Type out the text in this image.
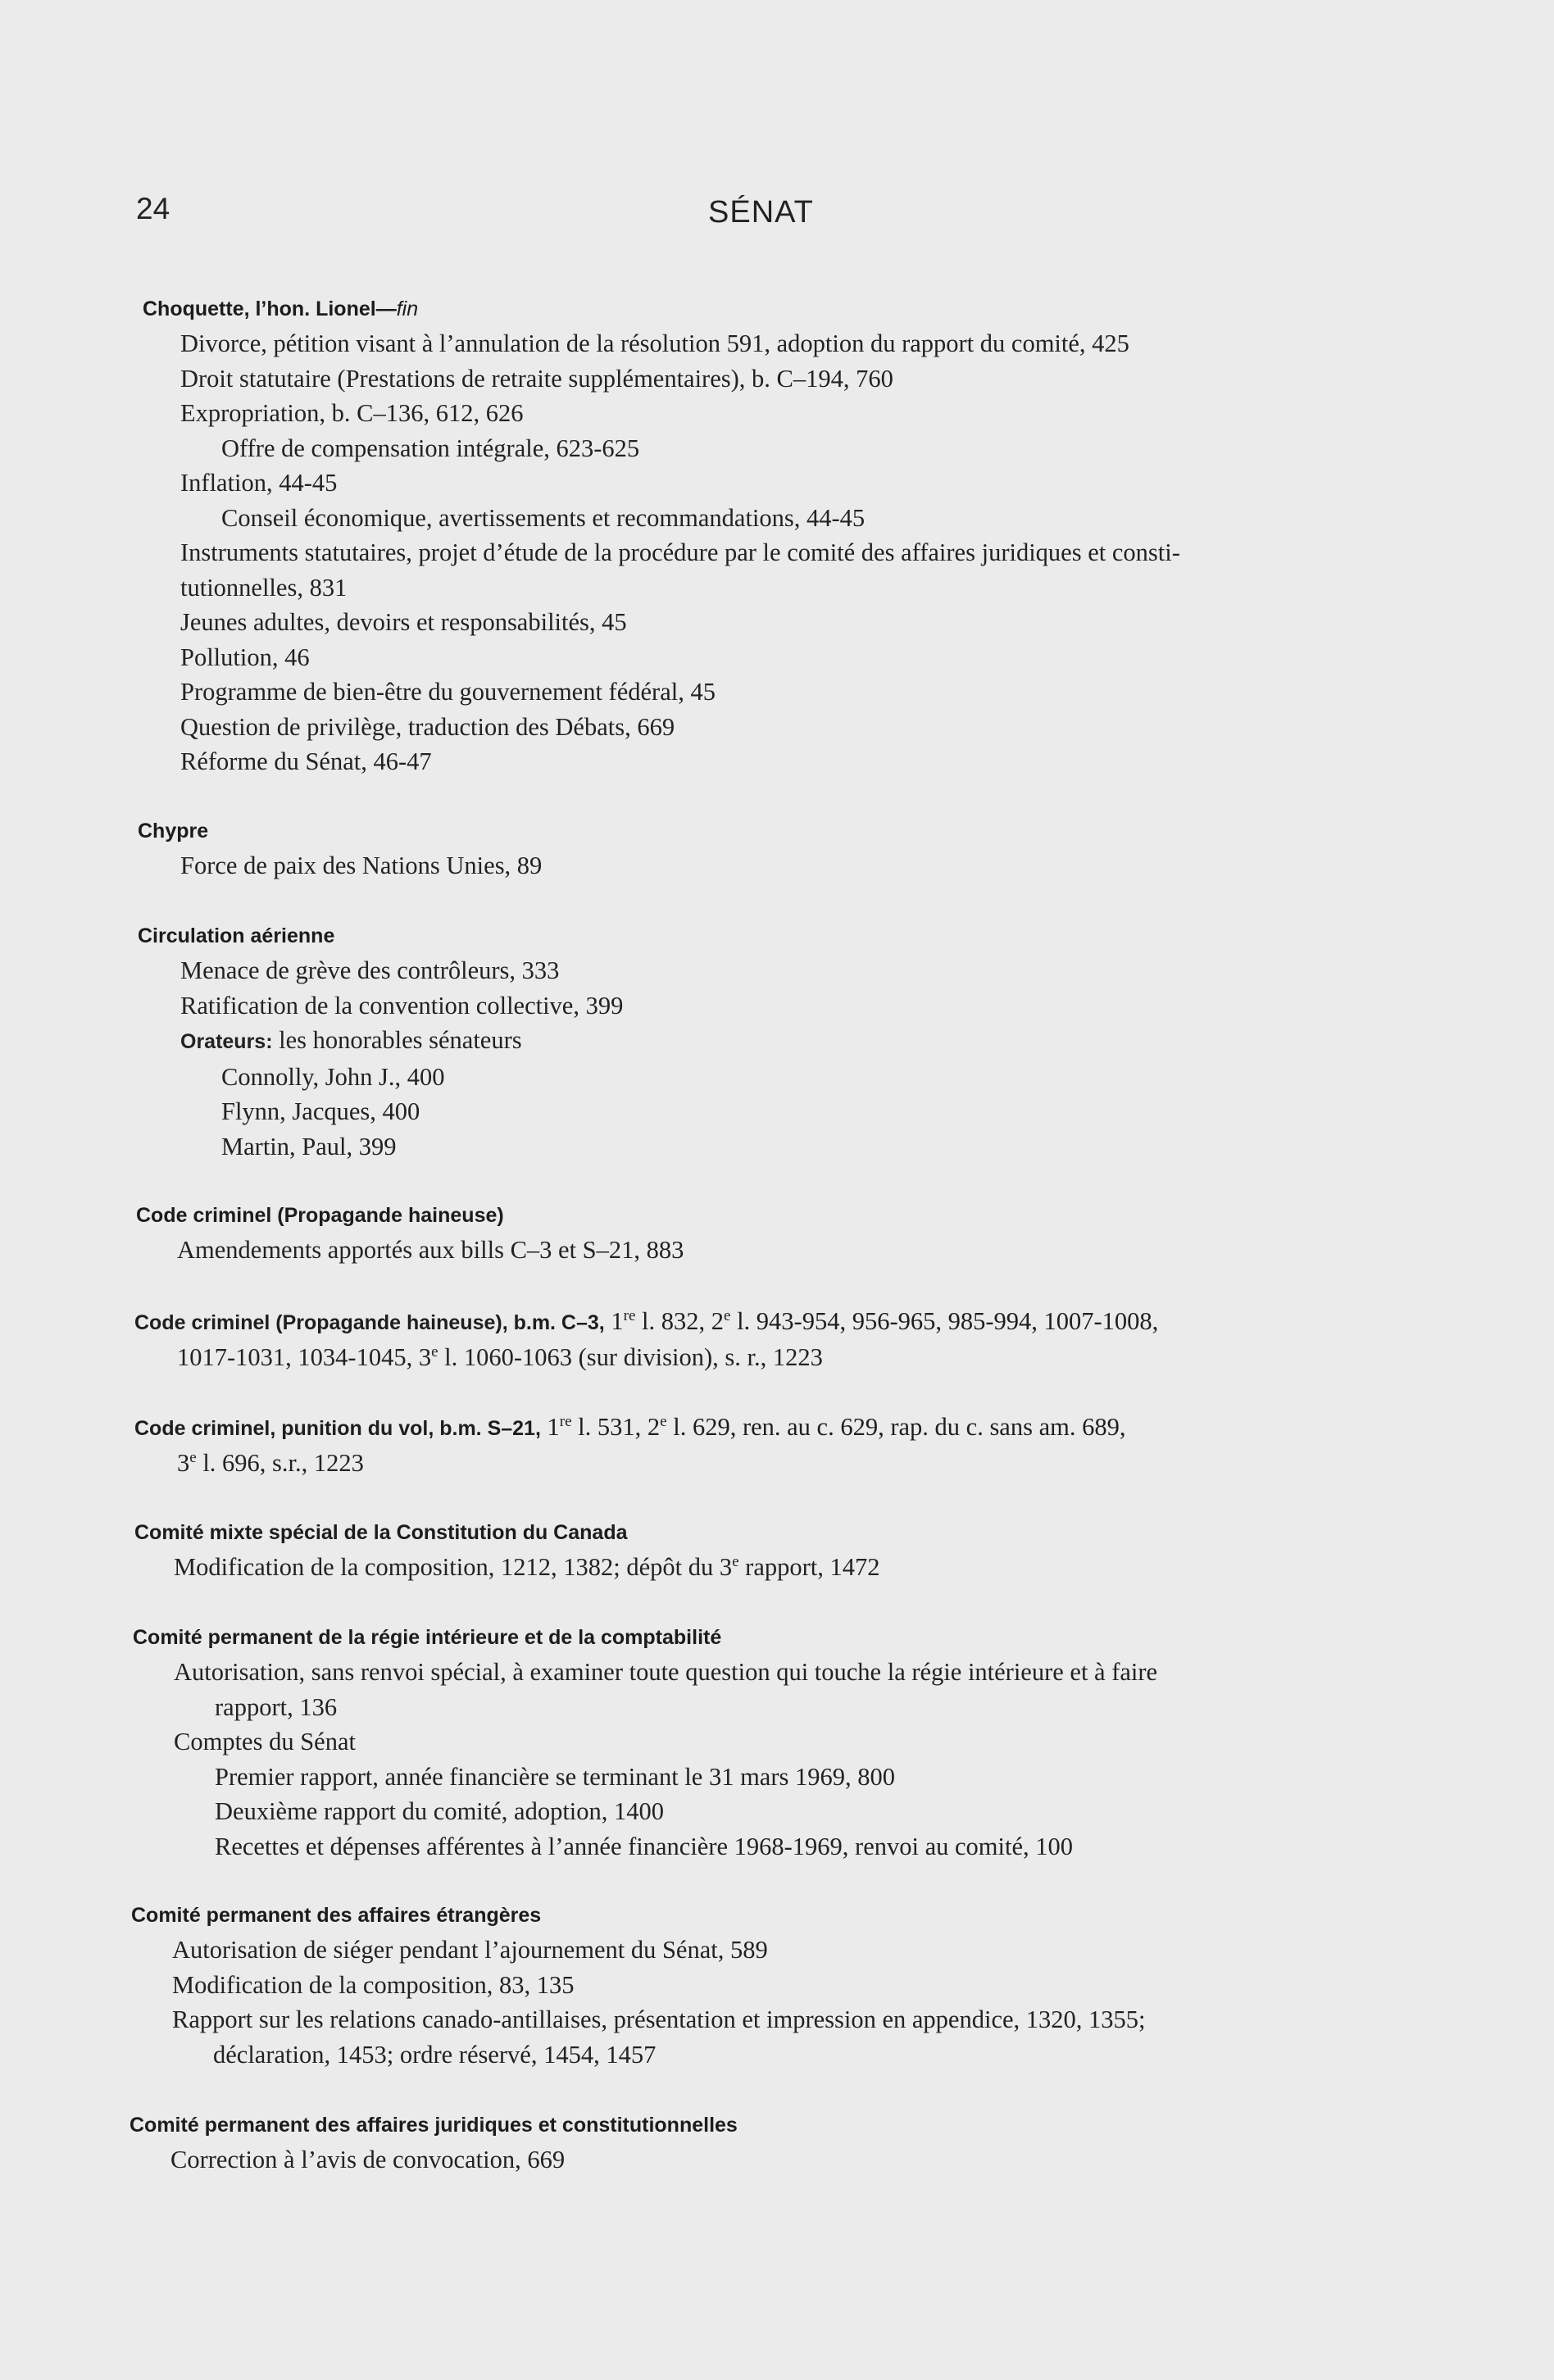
24	SÉNAT
Choquette, l’hon. Lionel—fin
Divorce, pétition visant à l’annulation de la résolution 591, adoption du rapport du comité, 425
Droit statutaire (Prestations de retraite supplémentaires), b. C–194, 760
Expropriation, b. C–136, 612, 626
Offre de compensation intégrale, 623-625
Inflation, 44-45
Conseil économique, avertissements et recommandations, 44-45
Instruments statutaires, projet d’étude de la procédure par le comité des affaires juridiques et consti-
tutionnelles, 831
Jeunes adultes, devoirs et responsabilités, 45
Pollution, 46
Programme de bien-être du gouvernement fédéral, 45
Question de privilège, traduction des Débats, 669
Réforme du Sénat, 46-47
Chypre
Force de paix des Nations Unies, 89
Circulation aérienne
Menace de grève des contrôleurs, 333
Ratification de la convention collective, 399
Orateurs: les honorables sénateurs
Connolly, John J., 400
Flynn, Jacques, 400
Martin, Paul, 399
Code criminel (Propagande haineuse)
Amendements apportés aux bills C–3 et S–21, 883
Code criminel (Propagande haineuse), b.m. C–3, 1re l. 832, 2e l. 943-954, 956-965, 985-994, 1007-1008,
1017-1031, 1034-1045, 3e l. 1060-1063 (sur division), s. r., 1223
Code criminel, punition du vol, b.m. S–21, 1re l. 531, 2e l. 629, ren. au c. 629, rap. du c. sans am. 689,
3e l. 696, s.r., 1223
Comité mixte spécial de la Constitution du Canada
Modification de la composition, 1212, 1382; dépôt du 3e rapport, 1472
Comité permanent de la régie intérieure et de la comptabilité
Autorisation, sans renvoi spécial, à examiner toute question qui touche la régie intérieure et à faire
rapport, 136
Comptes du Sénat
Premier rapport, année financière se terminant le 31 mars 1969, 800
Deuxième rapport du comité, adoption, 1400
Recettes et dépenses afférentes à l’année financière 1968-1969, renvoi au comité, 100
Comité permanent des affaires étrangères
Autorisation de siéger pendant l’ajournement du Sénat, 589
Modification de la composition, 83, 135
Rapport sur les relations canado-antillaises, présentation et impression en appendice, 1320, 1355;
déclaration, 1453; ordre réservé, 1454, 1457
Comité permanent des affaires juridiques et constitutionnelles
Correction à l’avis de convocation, 669
